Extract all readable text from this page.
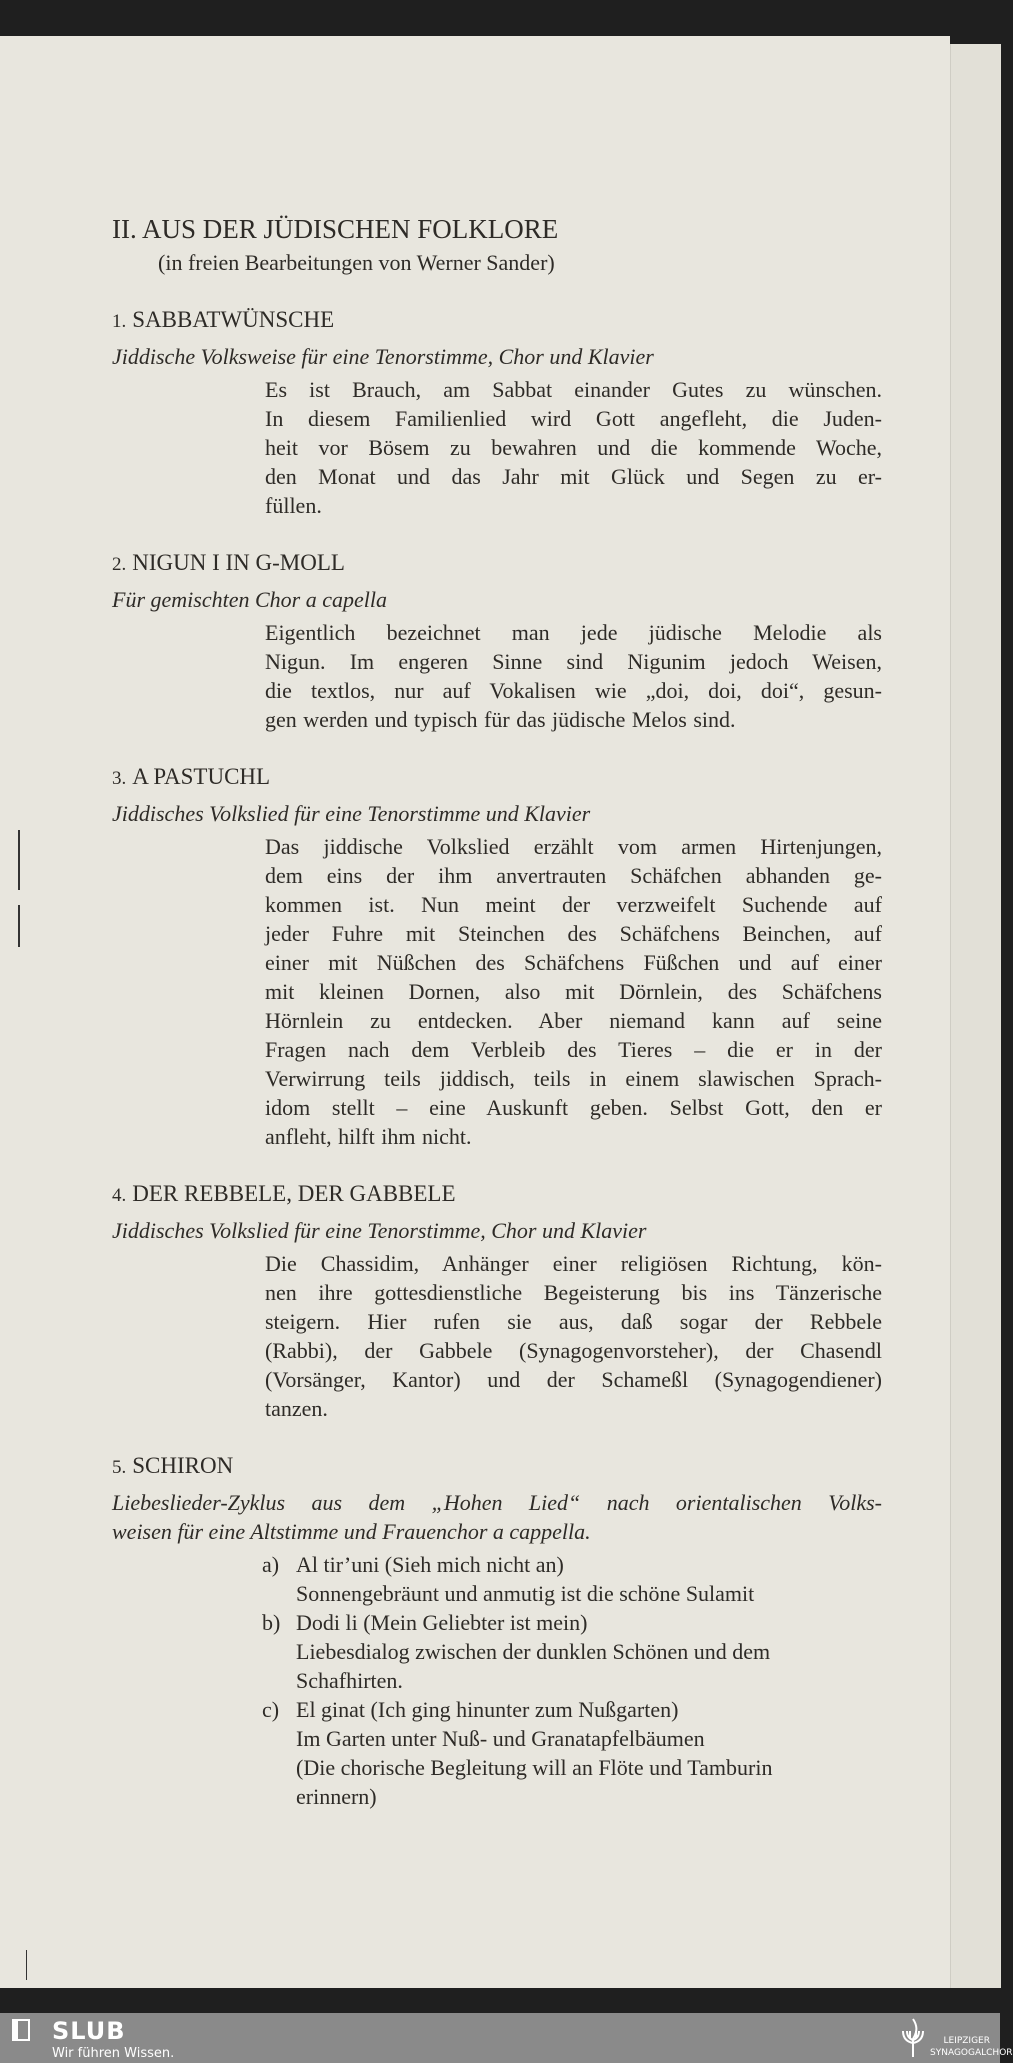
II. AUS DER JÜDISCHEN FOLKLORE
(in freien Bearbeitungen von Werner Sander)
1. SABBATWÜNSCHE
Jiddische Volksweise für eine Tenorstimme, Chor und Klavier
Es ist Brauch, am Sabbat einander Gutes zu wünschen.
In diesem Familienlied wird Gott angefleht, die Juden-
heit vor Bösem zu bewahren und die kommende Woche,
den Monat und das Jahr mit Glück und Segen zu er-
füllen.
2. NIGUN I IN G-MOLL
Für gemischten Chor a capella
Eigentlich bezeichnet man jede jüdische Melodie als
Nigun. Im engeren Sinne sind Nigunim jedoch Weisen,
die textlos, nur auf Vokalisen wie „doi, doi, doi“, gesun-
gen werden und typisch für das jüdische Melos sind.
3. A PASTUCHL
Jiddisches Volkslied für eine Tenorstimme und Klavier
Das jiddische Volkslied erzählt vom armen Hirtenjungen,
dem eins der ihm anvertrauten Schäfchen abhanden ge-
kommen ist. Nun meint der verzweifelt Suchende auf
jeder Fuhre mit Steinchen des Schäfchens Beinchen, auf
einer mit Nüßchen des Schäfchens Füßchen und auf einer
mit kleinen Dornen, also mit Dörnlein, des Schäfchens
Hörnlein zu entdecken. Aber niemand kann auf seine
Fragen nach dem Verbleib des Tieres – die er in der
Verwirrung teils jiddisch, teils in einem slawischen Sprach-
idom stellt – eine Auskunft geben. Selbst Gott, den er
anfleht, hilft ihm nicht.
4. DER REBBELE, DER GABBELE
Jiddisches Volkslied für eine Tenorstimme, Chor und Klavier
Die Chassidim, Anhänger einer religiösen Richtung, kön-
nen ihre gottesdienstliche Begeisterung bis ins Tänzerische
steigern. Hier rufen sie aus, daß sogar der Rebbele
(Rabbi), der Gabbele (Synagogenvorsteher), der Chasendl
(Vorsänger, Kantor) und der Schameßl (Synagogendiener)
tanzen.
5. SCHIRON
Liebeslieder-Zyklus aus dem „Hohen Lied“ nach orientalischen Volks-
weisen für eine Altstimme und Frauenchor a cappella.
a) Al tir’uni (Sieh mich nicht an)
Sonnengebräunt und anmutig ist die schöne Sulamit
b) Dodi li (Mein Geliebter ist mein)
Liebesdialog zwischen der dunklen Schönen und dem
Schafhirten.
c) El ginat (Ich ging hinunter zum Nußgarten)
Im Garten unter Nuß- und Granatapfelbäumen
(Die chorische Begleitung will an Flöte und Tamburin
erinnern)
SLUB
Wir führen Wissen.
LEIPZIGER
SYNAGOGALCHOR
